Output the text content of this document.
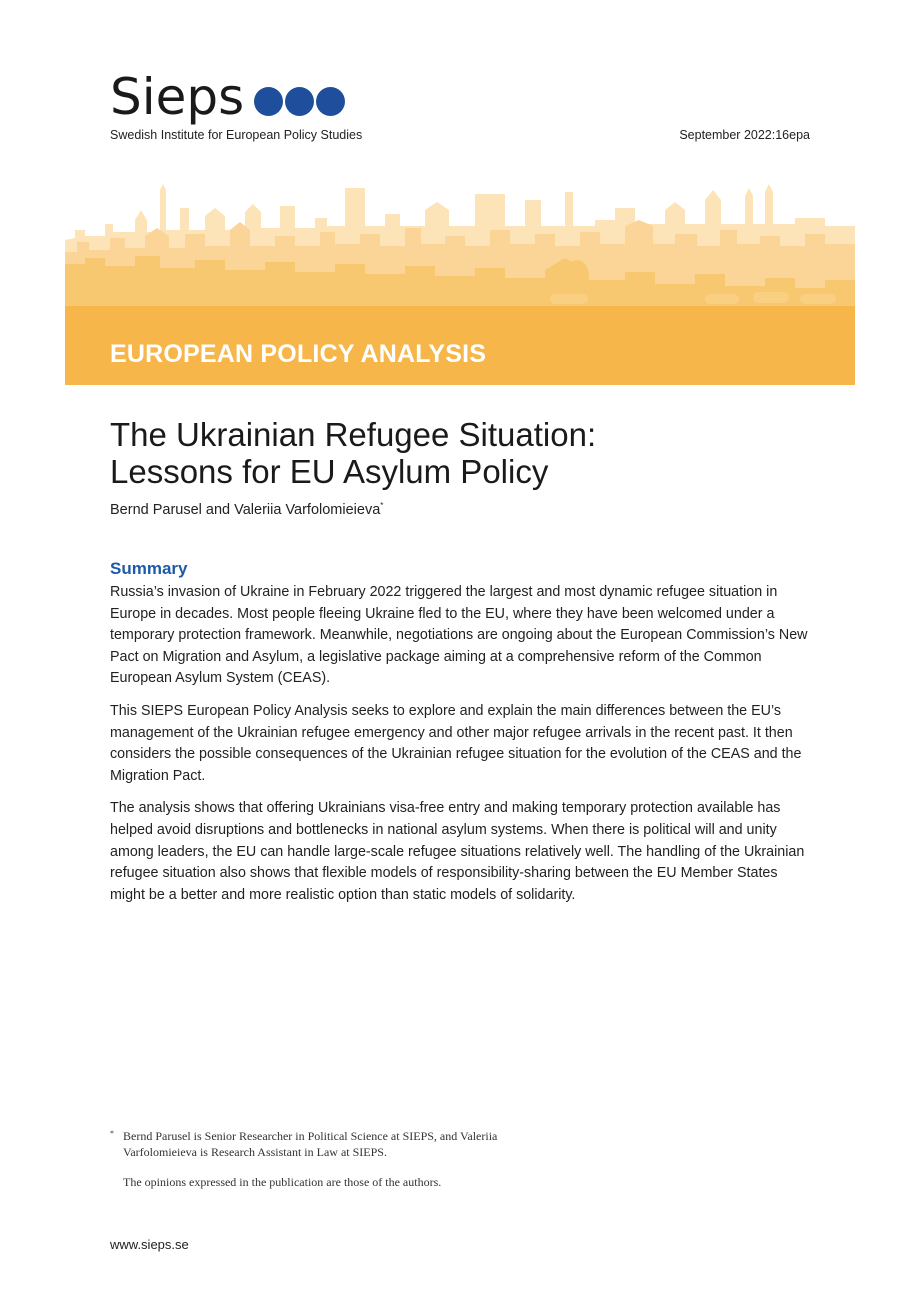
Sieps
Swedish Institute for European Policy Studies	September 2022:16epa
EUROPEAN POLICY ANALYSIS
The Ukrainian Refugee Situation:
Lessons for EU Asylum Policy
Bernd Parusel and Valeriia Varfolomieieva*
Summary

Russia’s invasion of Ukraine in February 2022 triggered the largest and most dynamic refugee situation in Europe in decades. Most people fleeing Ukraine fled to the EU, where they have been welcomed under a temporary protection framework. Meanwhile, negotiations are ongoing about the European Commission’s New Pact on Migration and Asylum, a legislative package aiming at a comprehensive reform of the Common European Asylum System (CEAS).

This SIEPS European Policy Analysis seeks to explore and explain the main differences between the EU’s management of the Ukrainian refugee emergency and other major refugee arrivals in the recent past. It then considers the possible consequences of the Ukrainian refugee situation for the evolution of the CEAS and the Migration Pact.

The analysis shows that offering Ukrainians visa-free entry and making temporary protection available has helped avoid disruptions and bottlenecks in national asylum systems. When there is political will and unity among leaders, the EU can handle large-scale refugee situations relatively well. The handling of the Ukrainian refugee situation also shows that flexible models of responsibility-sharing between the EU Member States might be a better and more realistic option than static models of solidarity.

* Bernd Parusel is Senior Researcher in Political Science at SIEPS, and Valeriia Varfolomieieva is Research Assistant in Law at SIEPS.
The opinions expressed in the publication are those of the authors.
www.sieps.se
